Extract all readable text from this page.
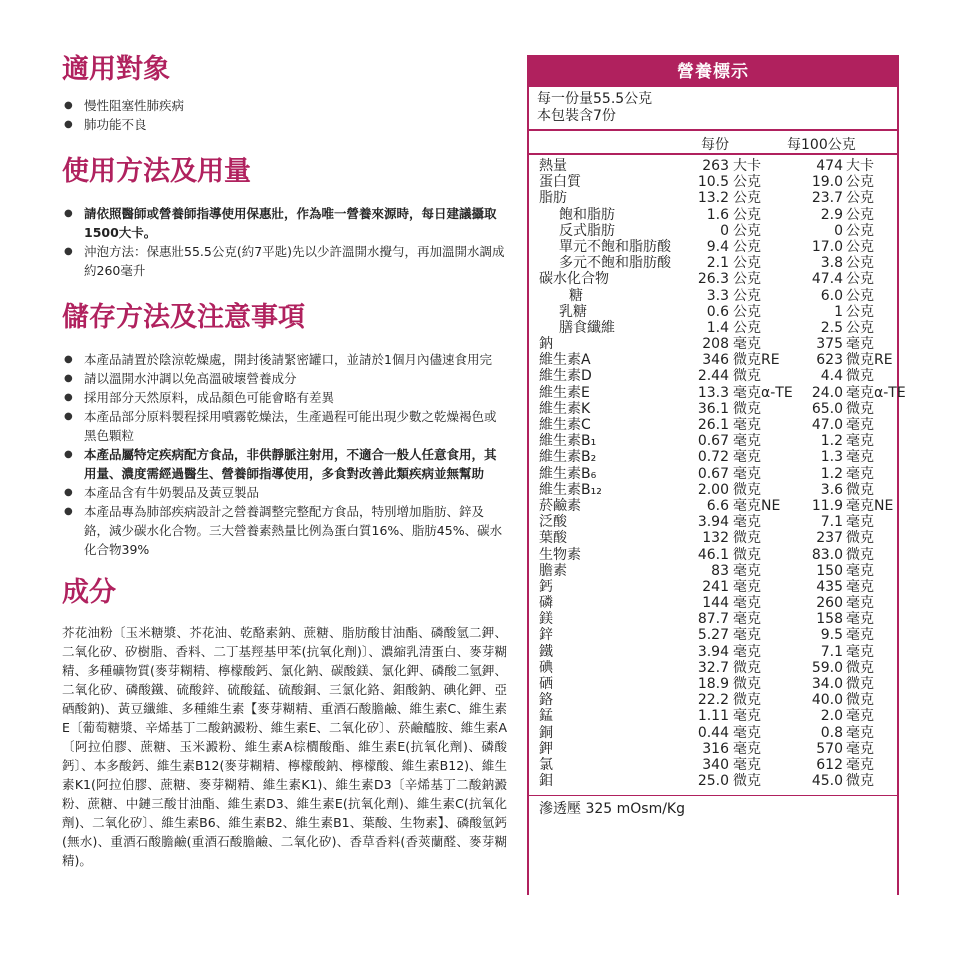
適用對象
● 慢性阻塞性肺疾病
● 肺功能不良
使用方法及用量
● 請依照醫師或營養師指導使用保惠壯，作為唯一營養來源時，每日建議攝取1500大卡。
● 沖泡方法：保惠壯55.5公克(約7平匙)先以少許溫開水攪勻，再加溫開水調成約260毫升
儲存方法及注意事項
● 本產品請置於陰涼乾燥處，開封後請緊密罐口，並請於1個月內儘速食用完
● 請以溫開水沖調以免高溫破壞營養成分
● 採用部分天然原料，成品顏色可能會略有差異
● 本產品部分原料製程採用噴霧乾燥法，生產過程可能出現少數之乾燥褐色或黑色顆粒
● 本產品屬特定疾病配方食品，非供靜脈注射用，不適合一般人任意食用，其用量、濃度需經過醫生、營養師指導使用，多食對改善此類疾病並無幫助
● 本產品含有牛奶製品及黃豆製品
● 本產品專為肺部疾病設計之營養調整完整配方食品，特別增加脂肪、鋅及鉻，減少碳水化合物。三大營養素熱量比例為蛋白質16%、脂肪45%、碳水化合物39%
成分

芥花油粉〔玉米糖漿、芥花油、乾酪素鈉、蔗糖、脂肪酸甘油酯、磷酸氫二鉀、二氧化矽、矽樹脂、香料、二丁基羥基甲苯(抗氧化劑)〕、濃縮乳清蛋白、麥芽糊精、多種礦物質(麥芽糊精、檸檬酸鈣、氯化鈉、碳酸鎂、氯化鉀、磷酸二氫鉀、二氧化矽、磷酸鐵、硫酸鋅、硫酸錳、硫酸銅、三氯化鉻、鉬酸鈉、碘化鉀、亞硒酸鈉)、黃豆纖維、多種維生素【麥芽糊精、重酒石酸膽鹼、維生素C、維生素E〔葡萄糖漿、辛烯基丁二酸鈉澱粉、維生素E、二氧化矽〕、菸鹼醯胺、維生素A〔阿拉伯膠、蔗糖、玉米澱粉、維生素A棕櫚酸酯、維生素E(抗氧化劑)、磷酸鈣〕、本多酸鈣、維生素B12(麥芽糊精、檸檬酸鈉、檸檬酸、維生素B12)、維生素K1(阿拉伯膠、蔗糖、麥芽糊精、維生素K1)、維生素D3〔辛烯基丁二酸鈉澱粉、蔗糖、中鏈三酸甘油酯、維生素D3、維生素E(抗氧化劑)、維生素C(抗氧化劑)、二氧化矽〕、維生素B6、維生素B2、維生素B1、葉酸、生物素】、磷酸氫鈣(無水)、重酒石酸膽鹼(重酒石酸膽鹼、二氧化矽)、香草香料(香莢蘭醛、麥芽糊精)。

營養標示
每一份量55.5公克
本包裝含7份
每份	每100公克
熱量	263 大卡	474 大卡
蛋白質	10.5 公克	19.0 公克
脂肪	13.2 公克	23.7 公克
飽和脂肪	1.6 公克	2.9 公克
反式脂肪	0 公克	0 公克
單元不飽和脂肪酸	9.4 公克	17.0 公克
多元不飽和脂肪酸	2.1 公克	3.8 公克
碳水化合物	26.3 公克	47.4 公克
糖	3.3 公克	6.0 公克
乳糖	0.6 公克	1 公克
膳食纖維	1.4 公克	2.5 公克
鈉	208 毫克	375 毫克
維生素A	346 微克RE	623 微克RE
維生素D	2.44 微克	4.4 微克
維生素E	13.3 毫克α-TE	24.0 毫克α-TE
維生素K	36.1 微克	65.0 微克
維生素C	26.1 毫克	47.0 毫克
維生素B₁	0.67 毫克	1.2 毫克
維生素B₂	0.72 毫克	1.3 毫克
維生素B₆	0.67 毫克	1.2 毫克
維生素B₁₂	2.00 微克	3.6 微克
菸鹼素	6.6 毫克NE	11.9 毫克NE
泛酸	3.94 毫克	7.1 毫克
葉酸	132 微克	237 微克
生物素	46.1 微克	83.0 微克
膽素	83 毫克	150 毫克
鈣	241 毫克	435 毫克
磷	144 毫克	260 毫克
鎂	87.7 毫克	158 毫克
鋅	5.27 毫克	9.5 毫克
鐵	3.94 毫克	7.1 毫克
碘	32.7 微克	59.0 微克
硒	18.9 微克	34.0 微克
鉻	22.2 微克	40.0 微克
錳	1.11 毫克	2.0 毫克
銅	0.44 毫克	0.8 毫克
鉀	316 毫克	570 毫克
氯	340 毫克	612 毫克
鉬	25.0 微克	45.0 微克
滲透壓 325 mOsm/Kg
